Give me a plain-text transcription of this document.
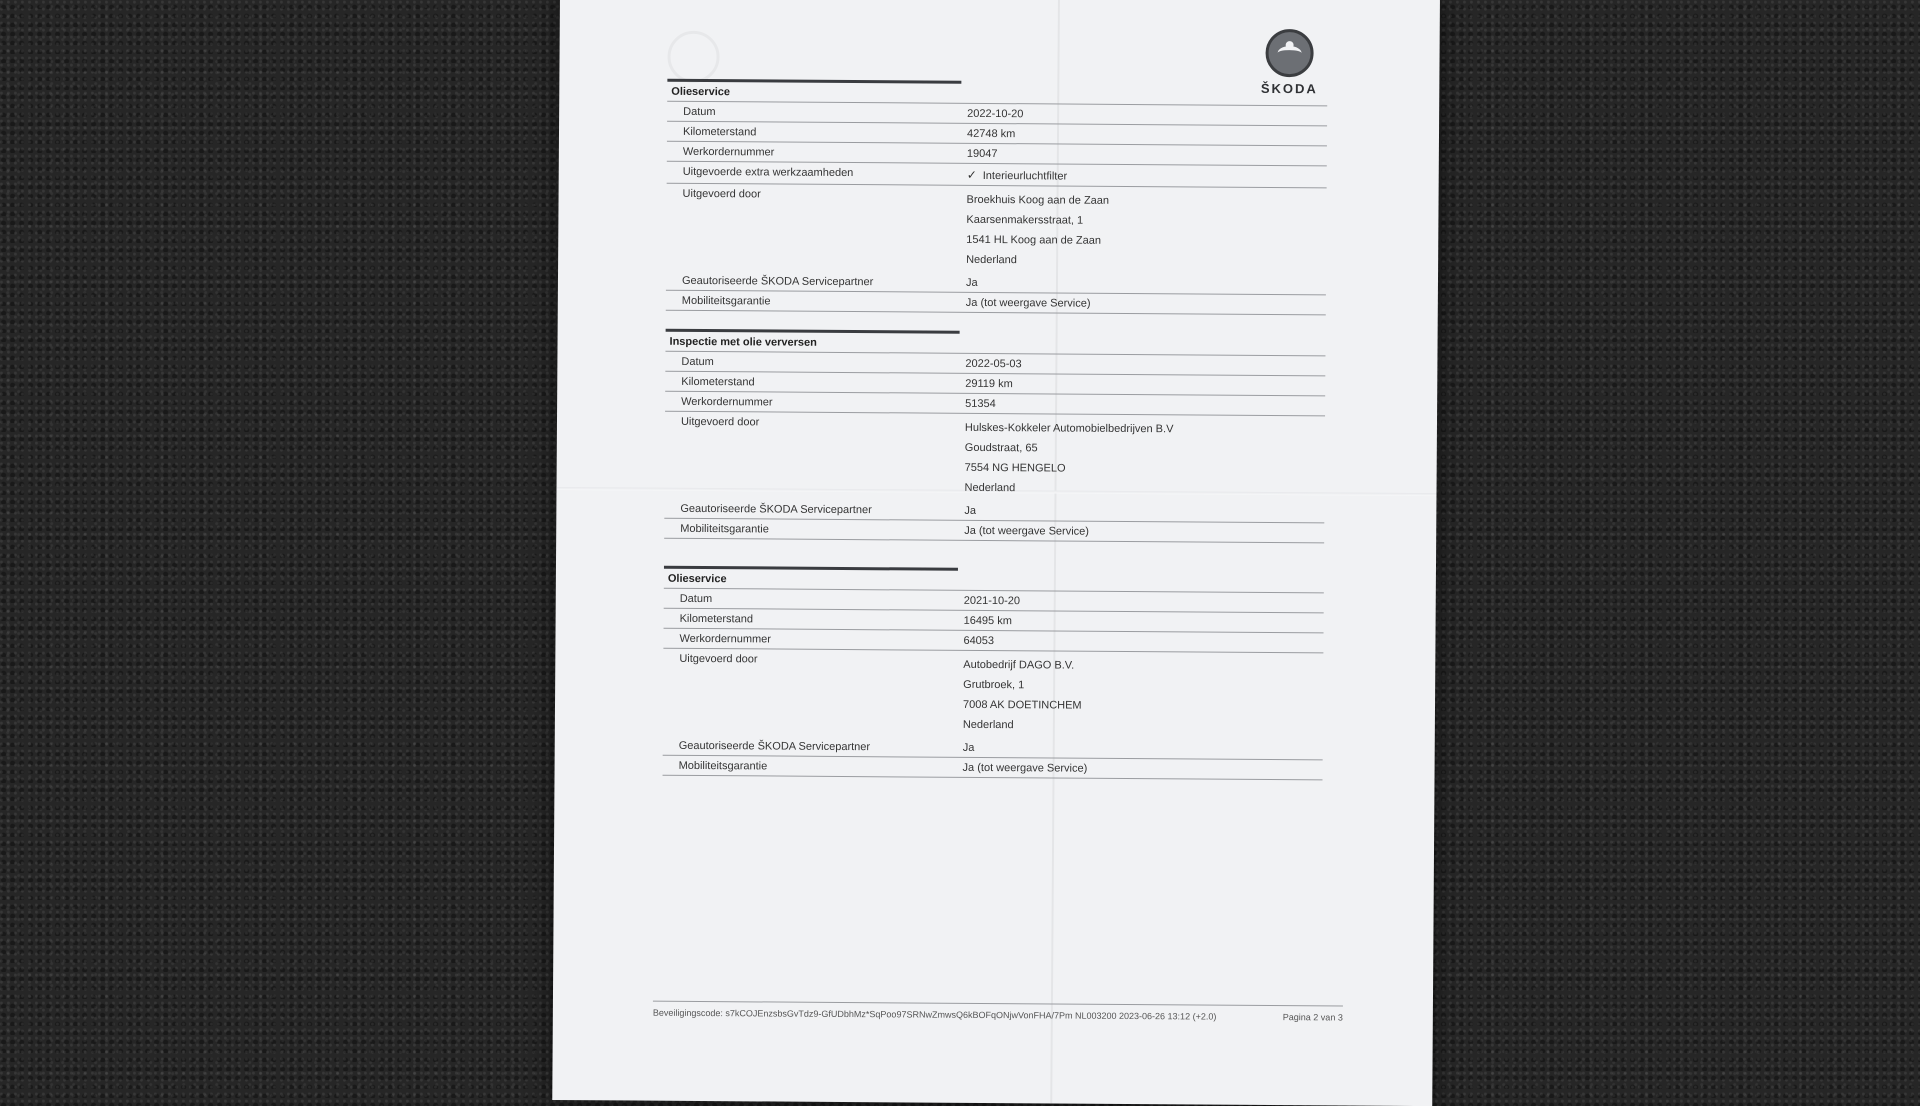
ŠKODA
Olieservice
Datum	2022-10-20
Kilometerstand	42748 km
Werkordernummer	19047
Uitgevoerde extra werkzaamheden	✓ Interieurluchtfilter
Uitgevoerd door	Broekhuis Koog aan de Zaan
Kaarsenmakersstraat, 1
1541 HL Koog aan de Zaan
Nederland
Geautoriseerde ŠKODA Servicepartner	Ja
Mobiliteitsgarantie	Ja (tot weergave Service)
Inspectie met olie verversen
Datum	2022-05-03
Kilometerstand	29119 km
Werkordernummer	51354
Uitgevoerd door	Hulskes-Kokkeler Automobielbedrijven B.V
Goudstraat, 65
7554 NG HENGELO
Nederland
Geautoriseerde ŠKODA Servicepartner	Ja
Mobiliteitsgarantie	Ja (tot weergave Service)
Olieservice
Datum	2021-10-20
Kilometerstand	16495 km
Werkordernummer	64053
Uitgevoerd door	Autobedrijf DAGO B.V.
Grutbroek, 1
7008 AK DOETINCHEM
Nederland
Geautoriseerde ŠKODA Servicepartner	Ja
Mobiliteitsgarantie	Ja (tot weergave Service)
Beveiligingscode: s7kCOJEnzsbsGvTdz9-GfUDbhMz*SqPoo97SRNwZmwsQ6kBOFqONjwVonFHA/7Pm NL003200 2023-06-26 13:12 (+2.0)	Pagina 2 van 3
